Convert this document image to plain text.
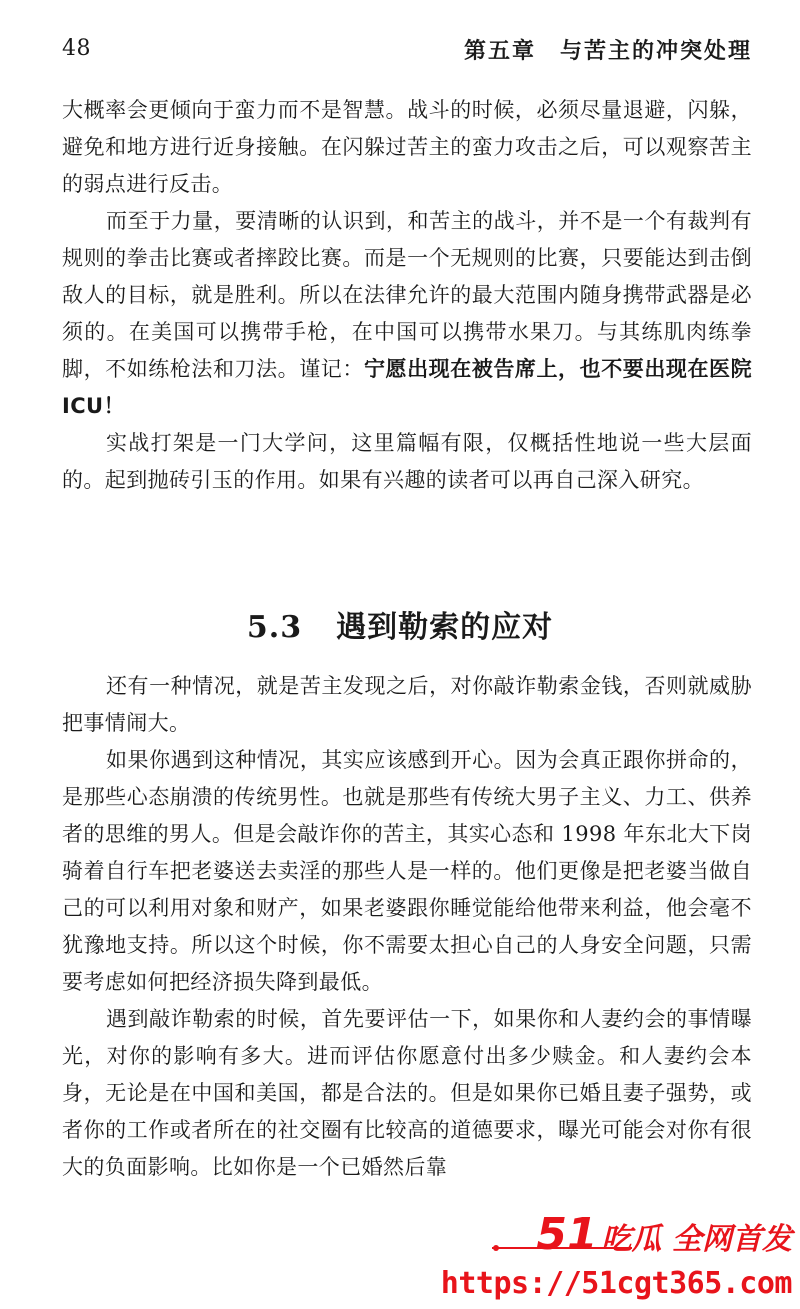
48	第五章　与苦主的冲突处理

大概率会更倾向于蛮力而不是智慧。战斗的时候，必须尽量退避，闪躲，避免和地方进行近身接触。在闪躲过苦主的蛮力攻击之后，可以观察苦主的弱点进行反击。

而至于力量，要清晰的认识到，和苦主的战斗，并不是一个有裁判有规则的拳击比赛或者摔跤比赛。而是一个无规则的比赛，只要能达到击倒敌人的目标，就是胜利。所以在法律允许的最大范围内随身携带武器是必须的。在美国可以携带手枪，在中国可以携带水果刀。与其练肌肉练拳脚，不如练枪法和刀法。谨记：宁愿出现在被告席上，也不要出现在医院 ICU！

实战打架是一门大学问，这里篇幅有限，仅概括性地说一些大层面的。起到抛砖引玉的作用。如果有兴趣的读者可以再自己深入研究。

5.3 遇到勒索的应对

还有一种情况，就是苦主发现之后，对你敲诈勒索金钱，否则就威胁把事情闹大。

如果你遇到这种情况，其实应该感到开心。因为会真正跟你拼命的，是那些心态崩溃的传统男性。也就是那些有传统大男子主义、力工、供养者的思维的男人。但是会敲诈你的苦主，其实心态和 1998 年东北大下岗骑着自行车把老婆送去卖淫的那些人是一样的。他们更像是把老婆当做自己的可以利用对象和财产，如果老婆跟你睡觉能给他带来利益，他会毫不犹豫地支持。所以这个时候，你不需要太担心自己的人身安全问题，只需要考虑如何把经济损失降到最低。

遇到敲诈勒索的时候，首先要评估一下，如果你和人妻约会的事情曝光，对你的影响有多大。进而评估你愿意付出多少赎金。和人妻约会本身，无论是在中国和美国，都是合法的。但是如果你已婚且妻子强势，或者你的工作或者所在的社交圈有比较高的道德要求，曝光可能会对你有很大的负面影响。比如你是一个已婚然后靠

51 吃瓜 全网首发
https://51cgt365.com
